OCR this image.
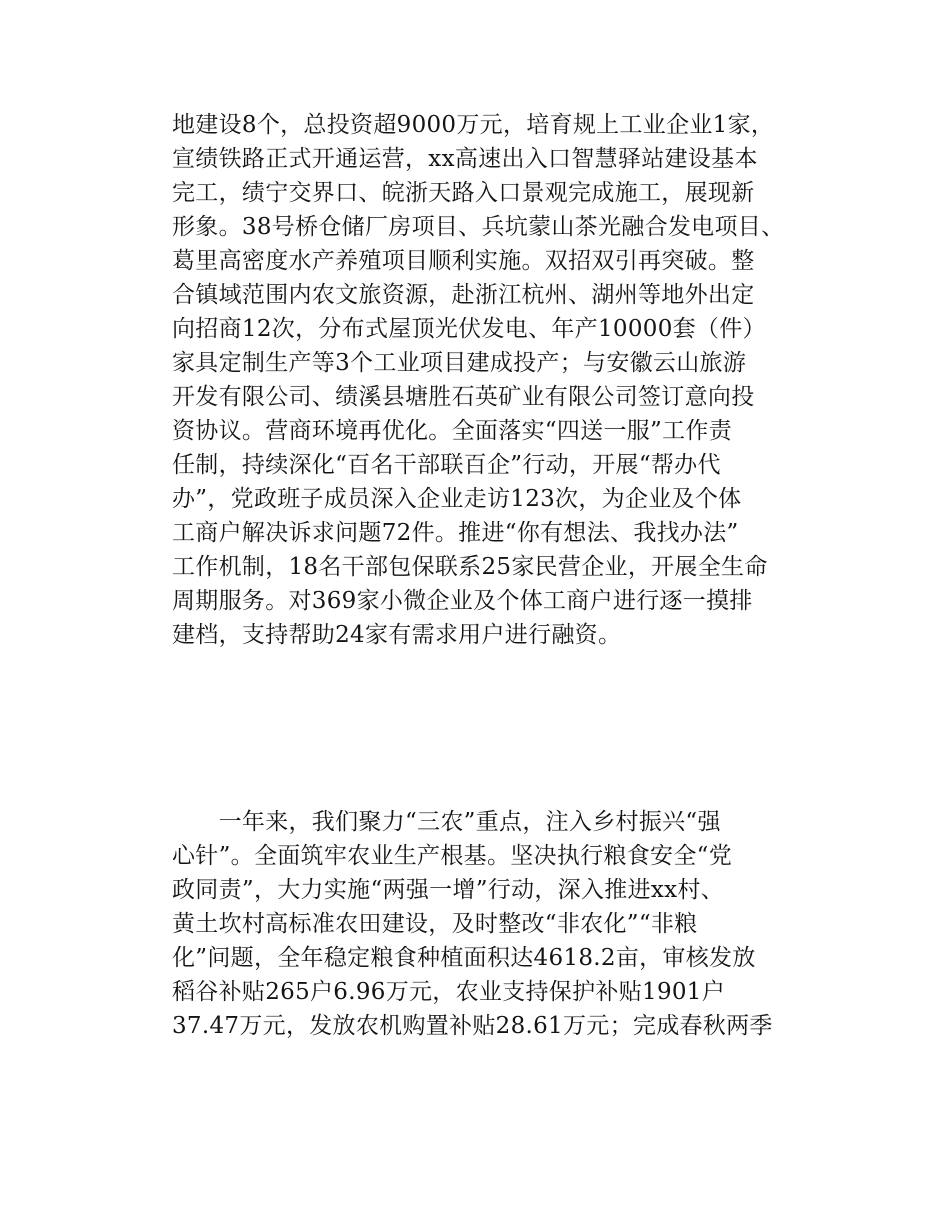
地建设8个，总投资超9000万元，培育规上工业企业1家，
宣绩铁路正式开通运营，xx高速出入口智慧驿站建设基本
完工，绩宁交界口、皖浙天路入口景观完成施工，展现新
形象。38号桥仓储厂房项目、兵坑蒙山茶光融合发电项目、
葛里高密度水产养殖项目顺利实施。双招双引再突破。整
合镇域范围内农文旅资源，赴浙江杭州、湖州等地外出定
向招商12次，分布式屋顶光伏发电、年产10000套（件）
家具定制生产等3个工业项目建成投产；与安徽云山旅游
开发有限公司、绩溪县塘胜石英矿业有限公司签订意向投
资协议。营商环境再优化。全面落实“四送一服”工作责
任制，持续深化“百名干部联百企”行动，开展“帮办代
办”，党政班子成员深入企业走访123次，为企业及个体
工商户解决诉求问题72件。推进“你有想法、我找办法”
工作机制，18名干部包保联系25家民营企业，开展全生命
周期服务。对369家小微企业及个体工商户进行逐一摸排
建档，支持帮助24家有需求用户进行融资。
　　一年来，我们聚力“三农”重点，注入乡村振兴“强
心针”。全面筑牢农业生产根基。坚决执行粮食安全“党
政同责”，大力实施“两强一增”行动，深入推进xx村、
黄土坎村高标准农田建设，及时整改“非农化”“非粮
化”问题，全年稳定粮食种植面积达4618.2亩，审核发放
稻谷补贴265户6.96万元，农业支持保护补贴1901户
37.47万元，发放农机购置补贴28.61万元；完成春秋两季
